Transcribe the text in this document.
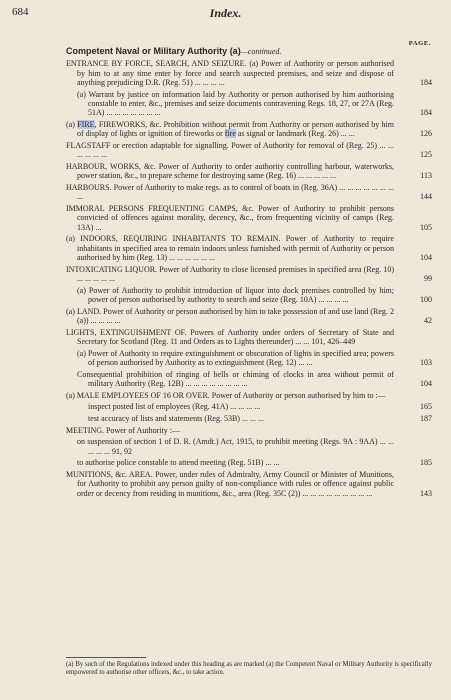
684	Index.
PAGE.
Competent Naval or Military Authority (a)—continued.
ENTRANCE BY FORCE, SEARCH, AND SEIZURE. (a) Power of Authority or person authorised by him to at any time enter by force and search suspected premises, and seize and dispose of anything prejudicing D.R. (Reg. 51) ... ... ... ...	184
(a) Warrant by justice on information laid by Authority or person authorised by him authorising constable to enter, &c., premises and seize documents contravening Regs. 18, 27, or 27A (Reg. 51A) ... ... ... ... ... ... ...	184
(a) FIRE, FIREWORKS, &c. Prohibition without permit from Authority or person authorised by him of display of lights or ignition of fireworks or fire as signal or landmark (Reg. 26) ... ...	126
FLAGSTAFF or erection adaptable for signalling. Power of Authority for removal of (Reg. 25) ... ... ... ... ... ...	125
HARBOUR, WORKS, &c. Power of Authority to order authority controlling harbour, waterworks, power station, &c., to prepare scheme for destroying same (Reg. 16) ... ... ... ... ...	113
HARBOURS. Power of Authority to make regs. as to control of boats in (Reg. 36A) ... ... ... ... ... ... ... ...	144
IMMORAL PERSONS FREQUENTING CAMPS, &c. Power of Authority to prohibit persons convicted of offences against morality, decency, &c., from frequenting vicinity of camps (Reg. 13A) ...	105
(a) INDOORS, REQUIRING INHABITANTS TO REMAIN. Power of Authority to require inhabitants in specified area to remain indoors unless furnished with permit of Authority or person authorised by him (Reg. 13) ... ... ... ... ... ...	104
INTOXICATING LIQUOR. Power of Authority to close licensed premises in specified area (Reg. 10) ... ... ... ... ...	99
(a) Power of Authority to prohibit introduction of liquor into dock premises controlled by him; power of person authorised by authority to search and seize (Reg. 10A) ... ... ... ...	100
(a) LAND. Power of Authority or person authorised by him to take possession of and use land (Reg. 2 (a)) ... ... ... ...	42
LIGHTS, EXTINGUISHMENT OF. Powers of Authority under orders of Secretary of State and Secretary for Scotland (Reg. 11 and Orders as to Lights thereunder) ... ... 101, 426–449
(a) Power of Authority to require extinguishment or obscuration of lights in specified area; powers of person authorised by Authority as to extinguishment (Reg. 12) ... ...	103
Consequential prohibition of ringing of bells or chiming of clocks in area without permit of military Authority (Reg. 12B) ... ... ... ... ... ... ... ...	104
(a) MALE EMPLOYEES OF 16 OR OVER. Power of Authority or person authorised by him to :—
inspect posted list of employees (Reg. 41A) ... ... ... ...	165
test accuracy of lists and statements (Reg. 53B) ... ... ...	187
MEETING. Power of Authority :—
on suspension of section 1 of D. R. (Amdt.) Act, 1915, to prohibit meeting (Regs. 9A : 9AA) ... ... ... ... ... 91, 92
to authorise police constable to attend meeting (Reg. 51B) ... ...	185
MUNITIONS, &c. AREA. Power, under rules of Admiralty, Army Council or Minister of Munitions, for Authority to prohibit any person guilty of non-compliance with rules or offence against public order or decency from residing in munitions, &c., area (Reg. 35C (2)) ... ... ... ... ... ... ... ... ...	143
(a) By such of the Regulations indexed under this heading as are marked (a) the Competent Naval or Military Authority is specifically empowered to authorise other officers, &c., to take action.
